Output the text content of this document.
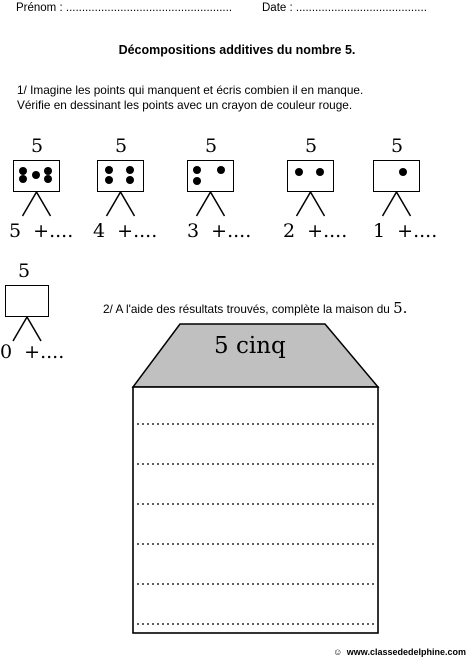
Prénom : ....................................................	Date : .........................................
Décompositions additives du nombre 5.
1/ Imagine les points qui manquent et écris combien il en manque.
Vérifie en dessinant les points avec un crayon de couleur rouge.
5
5  +....
5
4  +....
5
3  +....
5
2  +....
5
1  +....
5
0  +....
2/ A l'aide des résultats trouvés, complète la maison du 5.
5 cinq
☺ www.classededelphine.com
